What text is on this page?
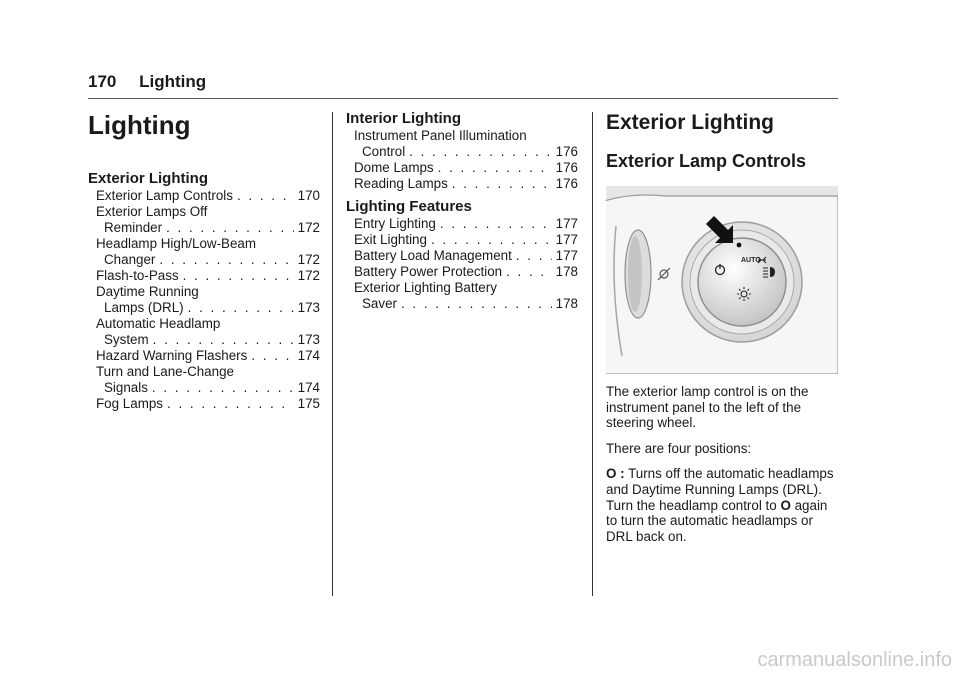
170 Lighting
Lighting
Exterior Lighting
Exterior Lamp Controls . . .	170
Exterior Lamps Off
Reminder . . .	172
Headlamp High/Low-Beam
Changer . . .	172
Flash-to-Pass . . .	172
Daytime Running
Lamps (DRL) . . .	173
Automatic Headlamp
System . . .	173
Hazard Warning Flashers . . .	174
Turn and Lane-Change
Signals . . .	174
Fog Lamps . . .	175
Interior Lighting
Instrument Panel Illumination
Control . . .	176
Dome Lamps . . .	176
Reading Lamps . . .	176
Lighting Features
Entry Lighting . . .	177
Exit Lighting . . .	177
Battery Load Management . . .	177
Battery Power Protection . . .	178
Exterior Lighting Battery
Saver . . .	178
Exterior Lighting
Exterior Lamp Controls
AUTO

The exterior lamp control is on the instrument panel to the left of the steering wheel.

There are four positions:

O : Turns off the automatic headlamps and Daytime Running Lamps (DRL). Turn the headlamp control to O again to turn the automatic headlamps or DRL back on.

carmanualsonline.info
